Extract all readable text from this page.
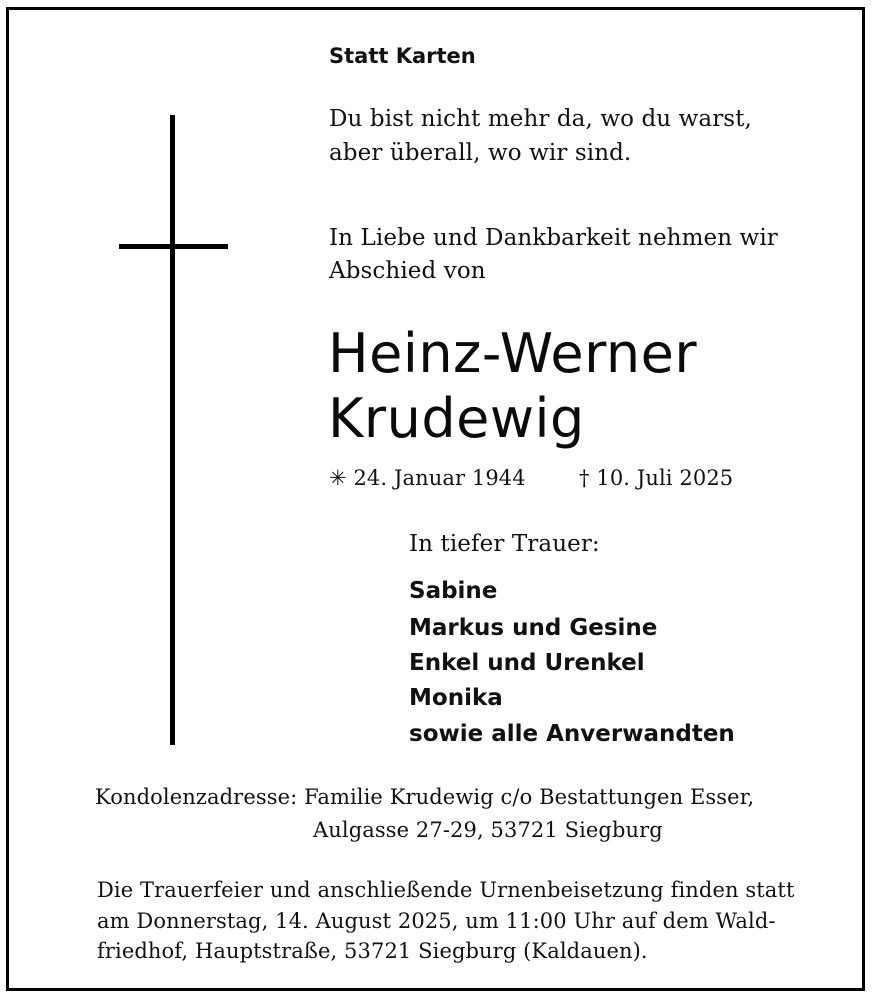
Statt Karten
Du bist nicht mehr da, wo du warst,
aber überall, wo wir sind.
In Liebe und Dankbarkeit nehmen wir
Abschied von
Heinz-Werner
Krudewig
✳ 24. Januar 1944	† 10. Juli 2025
In tiefer Trauer:
Sabine
Markus und Gesine
Enkel und Urenkel
Monika
sowie alle Anverwandten
Kondolenzadresse: Familie Krudewig c/o Bestattungen Esser,
Aulgasse 27-29, 53721 Siegburg
Die Trauerfeier und anschließende Urnenbeisetzung finden statt
am Donnerstag, 14. August 2025, um 11:00 Uhr auf dem Wald-
friedhof, Hauptstraße, 53721 Siegburg (Kaldauen).
